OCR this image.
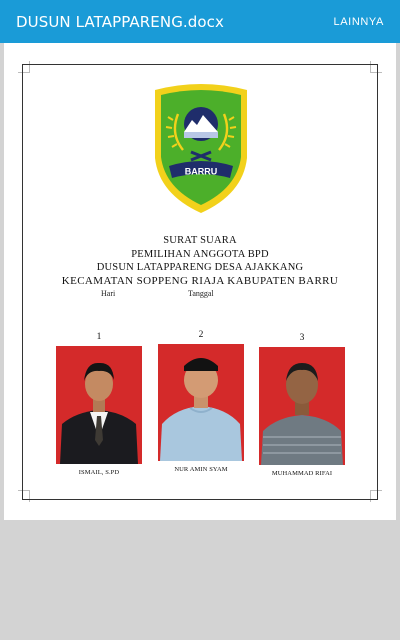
DUSUN LATAPPARENG.docx	LAINNYA
BARRU
SURAT SUARA
PEMILIHAN ANGGOTA BPD
DUSUN LATAPPARENG DESA AJAKKANG
KECAMATAN SOPPENG RIAJA KABUPATEN BARRU
Hari	Tanggal
1
ISMAIL, S.PD
2
NUR AMIN SYAM
3
MUHAMMAD RIFAI
